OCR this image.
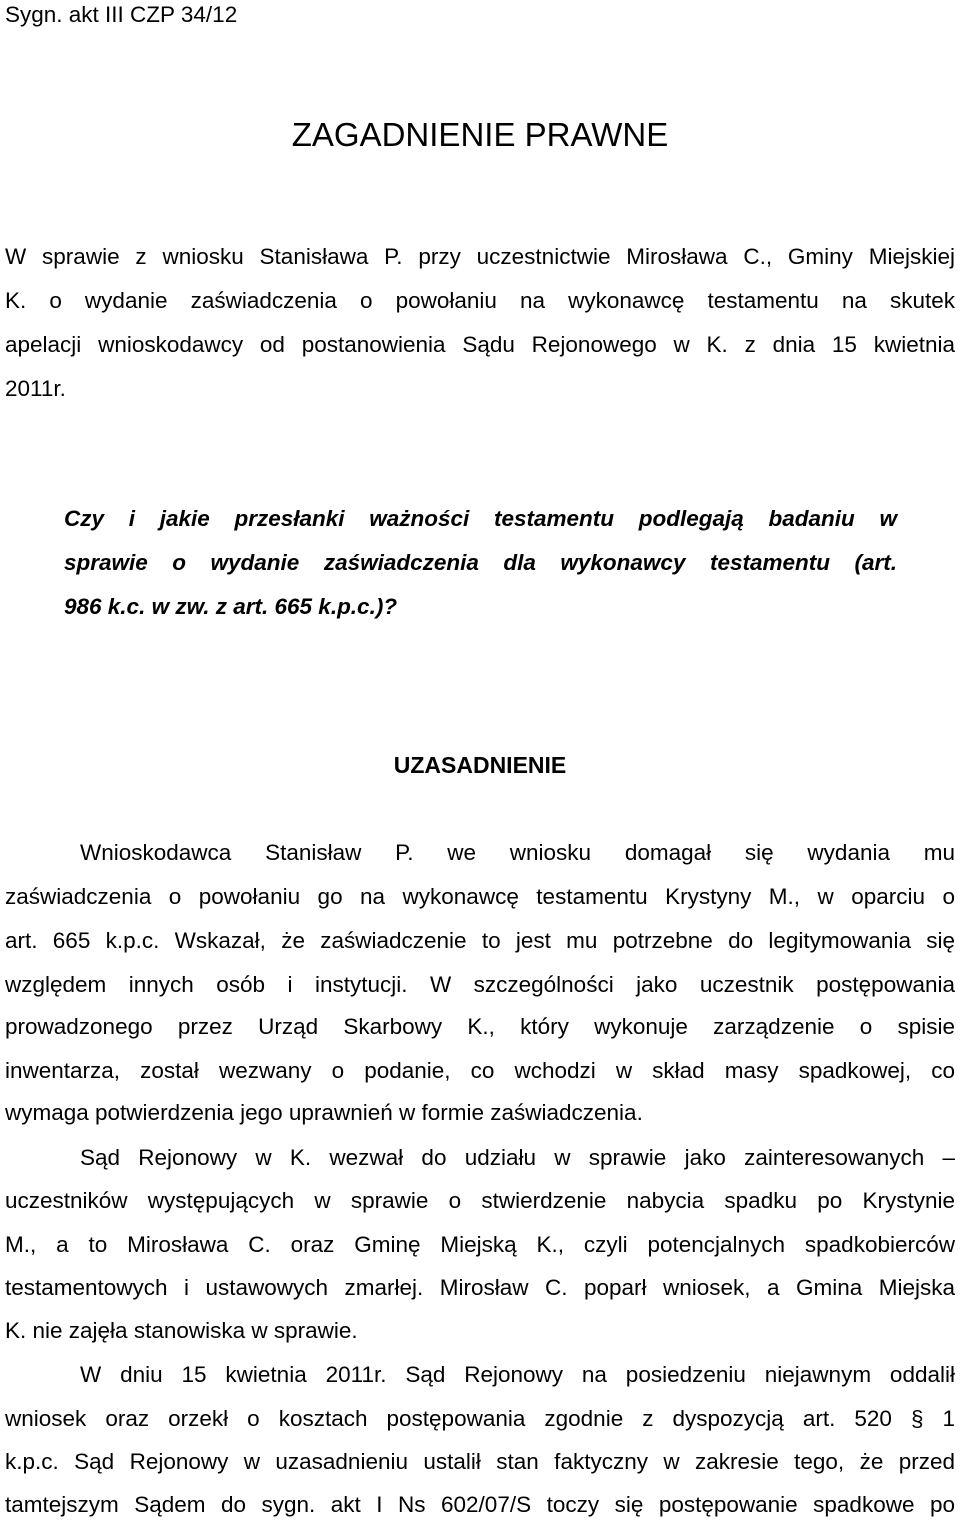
Sygn. akt III CZP 34/12
ZAGADNIENIE PRAWNE
W sprawie z wniosku Stanisława P. przy uczestnictwie Mirosława C., Gminy Miejskiej
K. o wydanie zaświadczenia o powołaniu na wykonawcę testamentu na skutek
apelacji wnioskodawcy od postanowienia Sądu Rejonowego w K. z dnia 15 kwietnia
2011r.
Czy i jakie przesłanki ważności testamentu podlegają badaniu w
sprawie o wydanie zaświadczenia dla wykonawcy testamentu (art.
986 k.c. w zw. z art. 665 k.p.c.)?
UZASADNIENIE
Wnioskodawca Stanisław P. we wniosku domagał się wydania mu
zaświadczenia o powołaniu go na wykonawcę testamentu Krystyny M., w oparciu o
art. 665 k.p.c. Wskazał, że zaświadczenie to jest mu potrzebne do legitymowania się
względem innych osób i instytucji. W szczególności jako uczestnik postępowania
prowadzonego przez Urząd Skarbowy K., który wykonuje zarządzenie o spisie
inwentarza, został wezwany o podanie, co wchodzi w skład masy spadkowej, co
wymaga potwierdzenia jego uprawnień w formie zaświadczenia.
Sąd Rejonowy w K. wezwał do udziału w sprawie jako zainteresowanych –
uczestników występujących w sprawie o stwierdzenie nabycia spadku po Krystynie
M., a to Mirosława C. oraz Gminę Miejską K., czyli potencjalnych spadkobierców
testamentowych i ustawowych zmarłej. Mirosław C. poparł wniosek, a Gmina Miejska
K. nie zajęła stanowiska w sprawie.
W dniu 15 kwietnia 2011r. Sąd Rejonowy na posiedzeniu niejawnym oddalił
wniosek oraz orzekł o kosztach postępowania zgodnie z dyspozycją art. 520 § 1
k.p.c. Sąd Rejonowy w uzasadnieniu ustalił stan faktyczny w zakresie tego, że przed
tamtejszym Sądem do sygn. akt I Ns 602/07/S toczy się postępowanie spadkowe po
